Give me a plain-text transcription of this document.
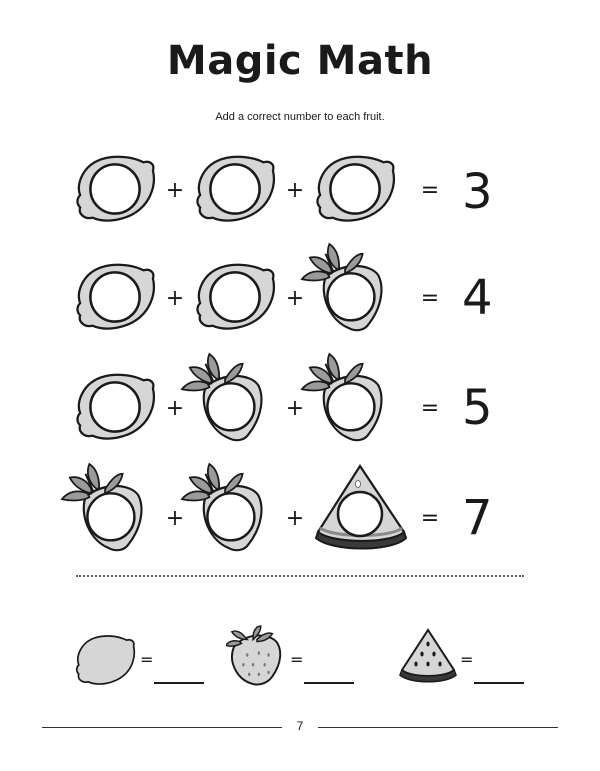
Magic Math
Add a correct number to each fruit.
+	+	= 3
+	+	= 4
+	+	= 5
+	+	= 7
=	=	=
7
